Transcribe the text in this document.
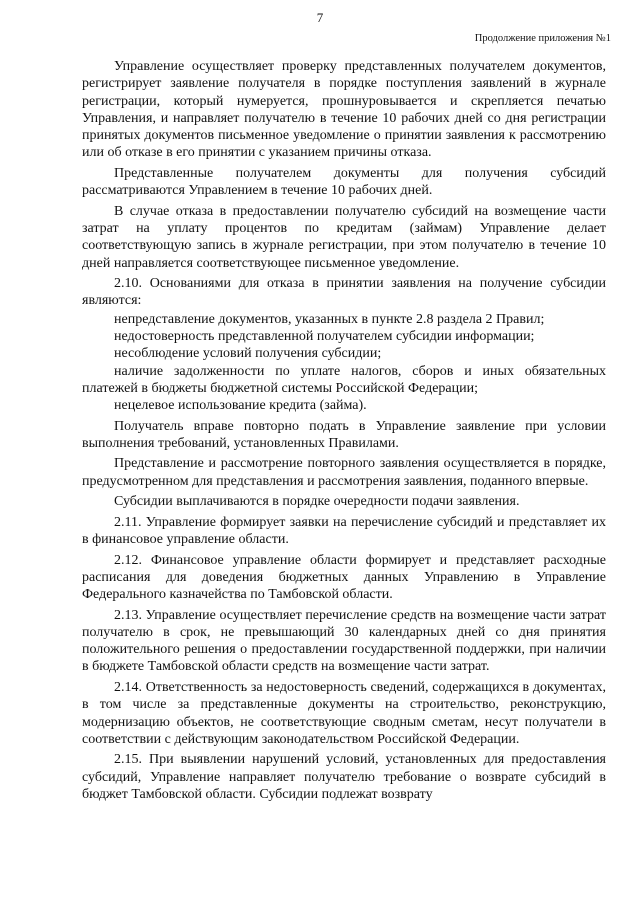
7
Продолжение приложения №1

Управление осуществляет проверку представленных получателем документов, регистрирует заявление получателя в порядке поступления заявлений в журнале регистрации, который нумеруется, прошнуровывается и скрепляется печатью Управления, и направляет получателю в течение 10 рабочих дней со дня регистрации принятых документов письменное уведомление о принятии заявления к рассмотрению или об отказе в его принятии с указанием причины отказа.

Представленные получателем документы для получения субсидий рассматриваются Управлением в течение 10 рабочих дней.

В случае отказа в предоставлении получателю субсидий на возмещение части затрат на уплату процентов по кредитам (займам) Управление делает соответствующую запись в журнале регистрации, при этом получателю в течение 10 дней направляется соответствующее письменное уведомление.

2.10. Основаниями для отказа в принятии заявления на получение субсидии являются:

непредставление документов, указанных в пункте 2.8 раздела 2 Правил;

недостоверность представленной получателем субсидии информации;

несоблюдение условий получения субсидии;

наличие задолженности по уплате налогов, сборов и иных обязательных платежей в бюджеты бюджетной системы Российской Федерации;

нецелевое использование кредита (займа).

Получатель вправе повторно подать в Управление заявление при условии выполнения требований, установленных Правилами.

Представление и рассмотрение повторного заявления осуществляется в порядке, предусмотренном для представления и рассмотрения заявления, поданного впервые.

Субсидии выплачиваются в порядке очередности подачи заявления.

2.11. Управление формирует заявки на перечисление субсидий и представляет их в финансовое управление области.

2.12. Финансовое управление области формирует и представляет расходные расписания для доведения бюджетных данных Управлению в Управление Федерального казначейства по Тамбовской области.

2.13. Управление осуществляет перечисление средств на возмещение части затрат получателю в срок, не превышающий 30 календарных дней со дня принятия положительного решения о предоставлении государственной поддержки, при наличии в бюджете Тамбовской области средств на возмещение части затрат.

2.14. Ответственность за недостоверность сведений, содержащихся в документах, в том числе за представленные документы на строительство, реконструкцию, модернизацию объектов, не соответствующие сводным сметам, несут получатели в соответствии с действующим законодательством Российской Федерации.

2.15. При выявлении нарушений условий, установленных для предоставления субсидий, Управление направляет получателю требование о возврате субсидий в бюджет Тамбовской области. Субсидии подлежат возврату
